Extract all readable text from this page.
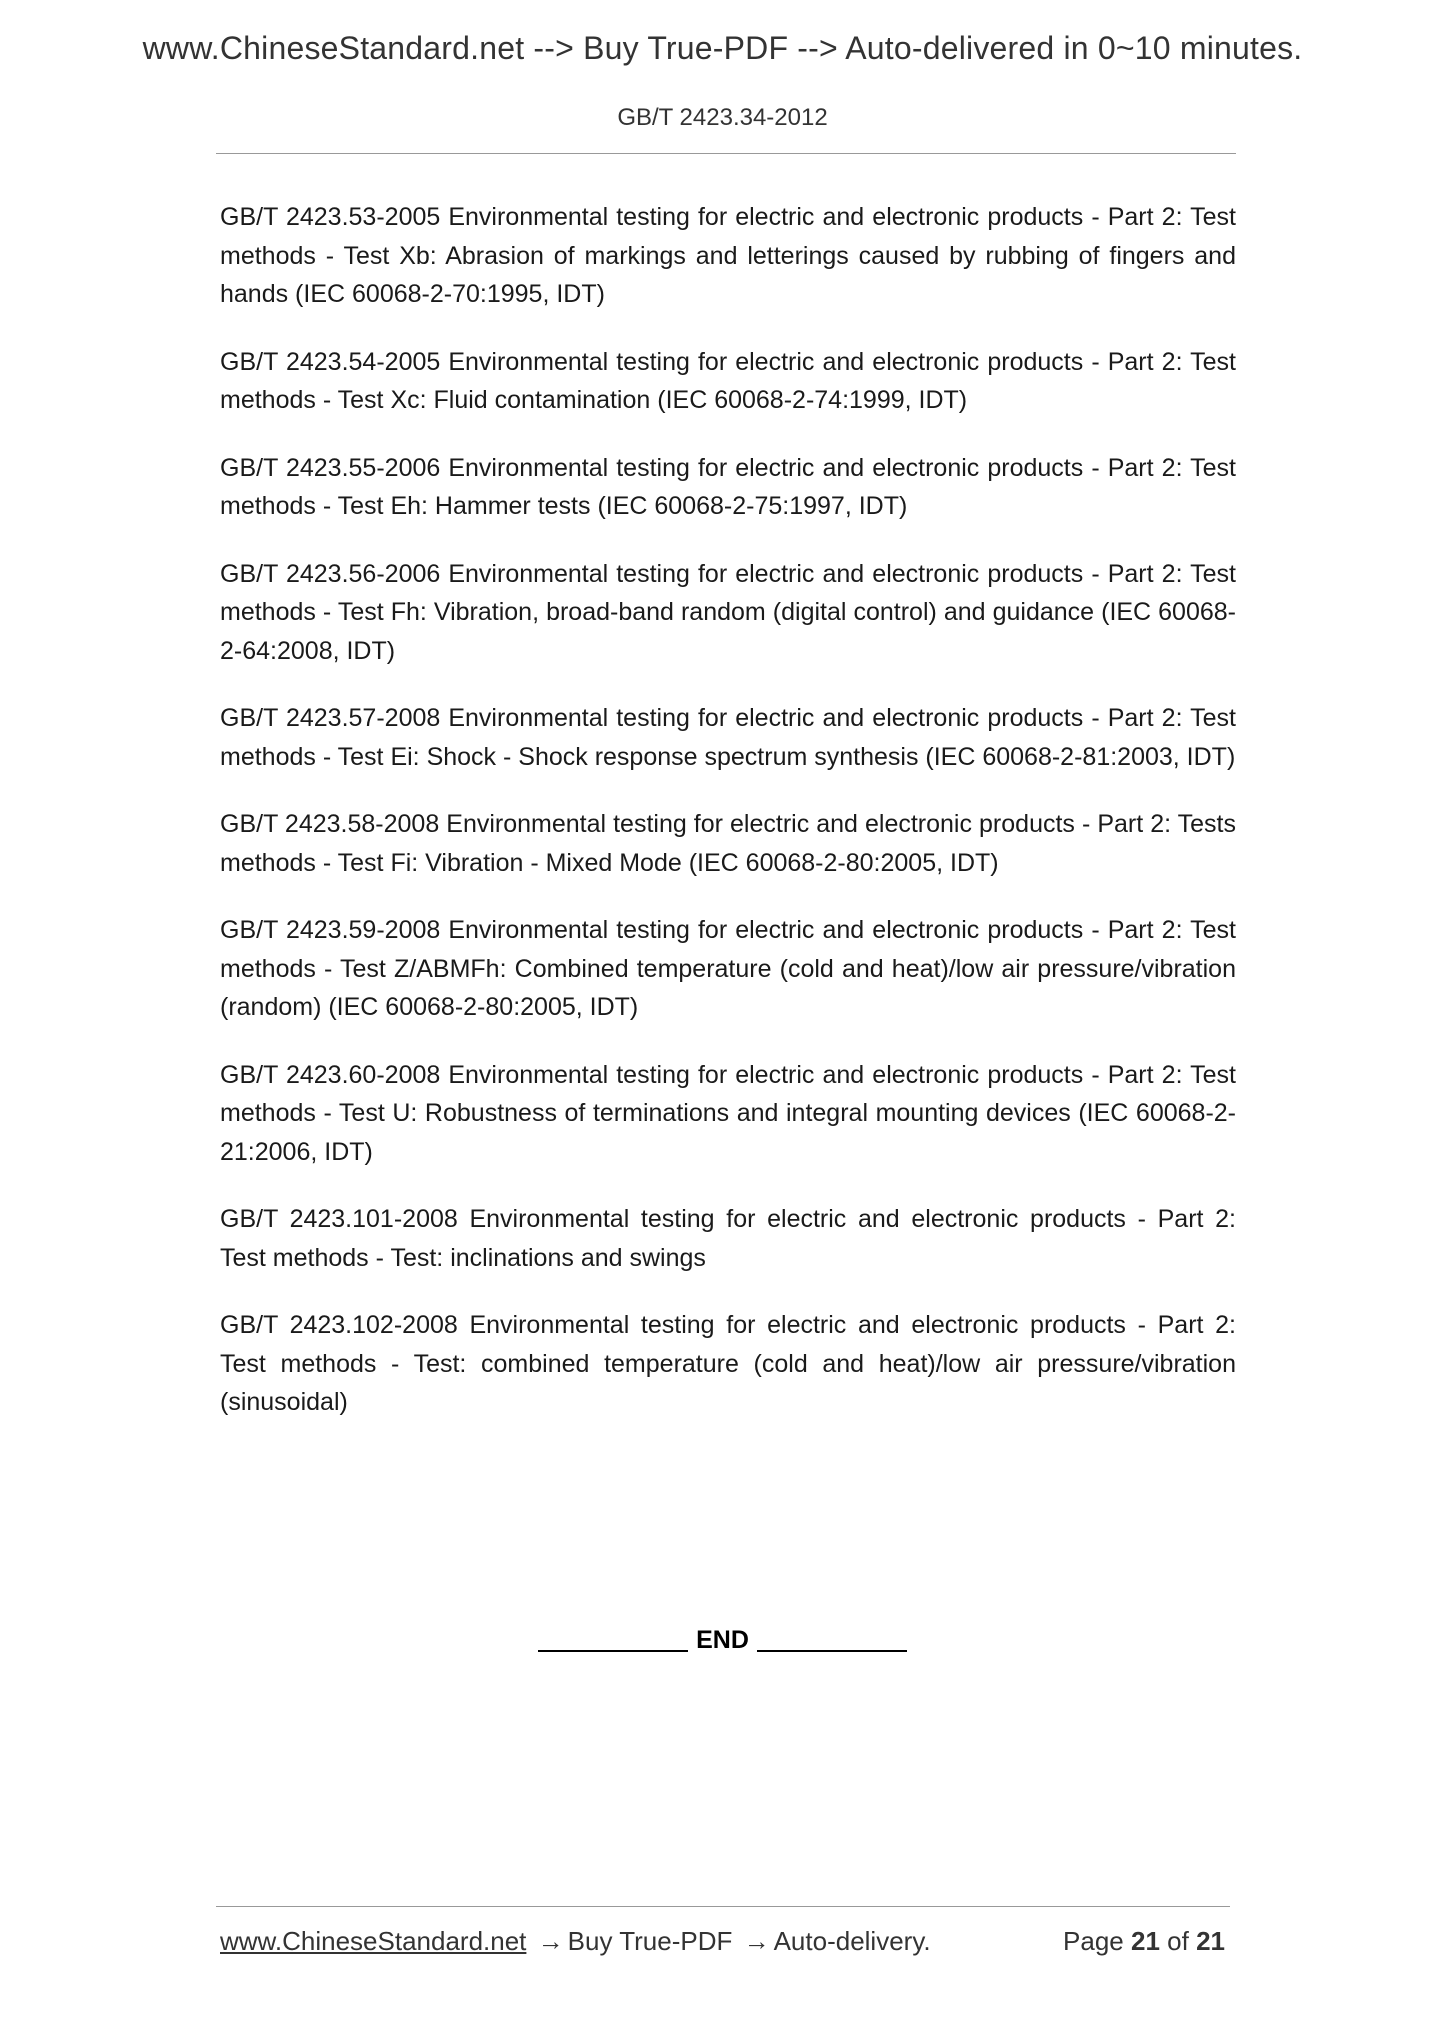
www.ChineseStandard.net --> Buy True-PDF --> Auto-delivered in 0~10 minutes.
GB/T 2423.34-2012

GB/T 2423.53-2005 Environmental testing for electric and electronic products - Part 2: Test methods - Test Xb: Abrasion of markings and letterings caused by rubbing of fingers and hands (IEC 60068-2-70:1995, IDT)

GB/T 2423.54-2005 Environmental testing for electric and electronic products - Part 2: Test methods - Test Xc: Fluid contamination (IEC 60068-2-74:1999, IDT)

GB/T 2423.55-2006 Environmental testing for electric and electronic products - Part 2: Test methods - Test Eh: Hammer tests (IEC 60068-2-75:1997, IDT)

GB/T 2423.56-2006 Environmental testing for electric and electronic products - Part 2: Test methods - Test Fh: Vibration, broad-band random (digital control) and guidance (IEC 60068-2-64:2008, IDT)

GB/T 2423.57-2008 Environmental testing for electric and electronic products - Part 2: Test methods - Test Ei: Shock - Shock response spectrum synthesis (IEC 60068-2-81:2003, IDT)

GB/T 2423.58-2008 Environmental testing for electric and electronic products - Part 2: Tests methods - Test Fi: Vibration - Mixed Mode (IEC 60068-2-80:2005, IDT)

GB/T 2423.59-2008 Environmental testing for electric and electronic products - Part 2: Test methods - Test Z/ABMFh: Combined temperature (cold and heat)/low air pressure/vibration (random) (IEC 60068-2-80:2005, IDT)

GB/T 2423.60-2008 Environmental testing for electric and electronic products - Part 2: Test methods - Test U: Robustness of terminations and integral mounting devices (IEC 60068-2-21:2006, IDT)

GB/T 2423.101-2008 Environmental testing for electric and electronic products - Part 2: Test methods - Test: inclinations and swings

GB/T 2423.102-2008 Environmental testing for electric and electronic products - Part 2: Test methods - Test: combined temperature (cold and heat)/low air pressure/vibration (sinusoidal)

END
www.ChineseStandard.net → Buy True-PDF → Auto-delivery.	Page 21 of 21
